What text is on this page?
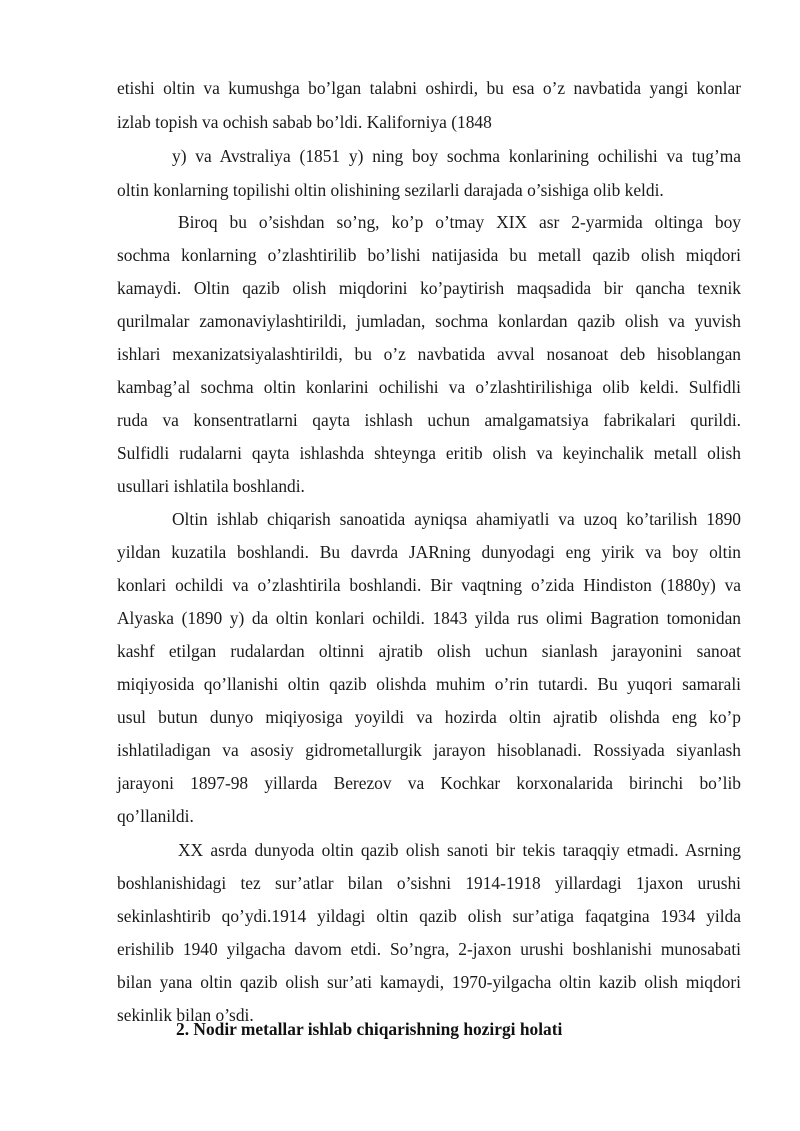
etishi oltin va kumushga bo’lgan talabni oshirdi, bu esa o’z navbatida yangi konlar
izlab topish va ochish sabab bo’ldi. Kaliforniya (1848
y) va Avstraliya (1851 y) ning boy sochma konlarining ochilishi va tug’ma
oltin konlarning topilishi oltin olishining sezilarli darajada o’sishiga olib keldi.
Biroq bu o’sishdan so’ng, ko’p o’tmay XIX asr 2-yarmida oltinga boy
sochma konlarning o’zlashtirilib bo’lishi natijasida bu metall qazib olish miqdori
kamaydi. Oltin qazib olish miqdorini ko’paytirish maqsadida bir qancha texnik
qurilmalar zamonaviylashtirildi, jumladan, sochma konlardan qazib olish va yuvish
ishlari mexanizatsiyalashtirildi, bu o’z navbatida avval nosanoat deb hisoblangan
kambag’al sochma oltin konlarini ochilishi va o’zlashtirilishiga olib keldi. Sulfidli
ruda va konsentratlarni qayta ishlash uchun amalgamatsiya fabrikalari qurildi.
Sulfidli rudalarni qayta ishlashda shteynga eritib olish va keyinchalik metall olish
usullari ishlatila boshlandi.
Oltin ishlab chiqarish sanoatida ayniqsa ahamiyatli va uzoq ko’tarilish 1890
yildan kuzatila boshlandi. Bu davrda JARning dunyodagi eng yirik va boy oltin
konlari ochildi va o’zlashtirila boshlandi. Bir vaqtning o’zida Hindiston (1880y) va
Alyaska (1890 y) da oltin konlari ochildi. 1843 yilda rus olimi Bagration tomonidan
kashf etilgan rudalardan oltinni ajratib olish uchun sianlash jarayonini sanoat
miqiyosida qo’llanishi oltin qazib olishda muhim o’rin tutardi. Bu yuqori samarali
usul butun dunyo miqiyosiga yoyildi va hozirda oltin ajratib olishda eng ko’p
ishlatiladigan va asosiy gidrometallurgik jarayon hisoblanadi. Rossiyada siyanlash
jarayoni 1897-98 yillarda Berezov va Kochkar korxonalarida birinchi bo’lib
qo’llanildi.
XX asrda dunyoda oltin qazib olish sanoti bir tekis taraqqiy etmadi. Asrning
boshlanishidagi tez sur’atlar bilan o’sishni 1914-1918 yillardagi 1jaxon urushi
sekinlashtirib qo’ydi.1914 yildagi oltin qazib olish sur’atiga faqatgina 1934 yilda
erishilib 1940 yilgacha davom etdi. So’ngra, 2-jaxon urushi boshlanishi munosabati
bilan yana oltin qazib olish sur’ati kamaydi, 1970-yilgacha oltin kazib olish miqdori
sekinlik bilan o’sdi.
2. Nodir metallar ishlab chiqarishning hozirgi holati
